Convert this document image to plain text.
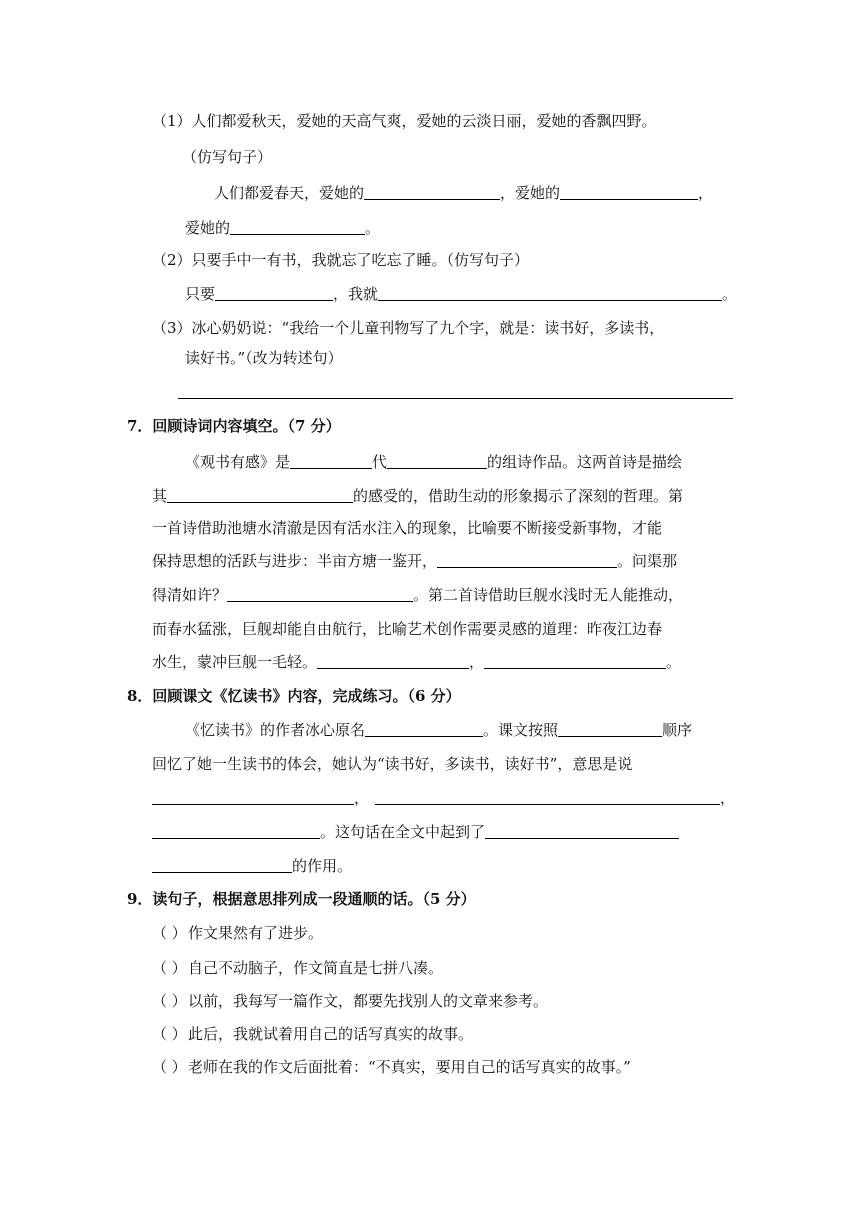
（1）人们都爱秋天，爱她的天高气爽，爱她的云淡日丽，爱她的香飘四野。
（仿写句子）
人们都爱春天，爱她的	，爱她的	，
爱她的	。
（2）只要手中一有书，我就忘了吃忘了睡。（仿写句子）
只要	，我就	。
（3）冰心奶奶说：“我给一个儿童刊物写了九个字，就是：读书好，多读书，
读好书。”（改为转述句）
7．回顾诗词内容填空。（7 分）
《观书有感》是	代	的组诗作品。这两首诗是描绘
其	的感受的，借助生动的形象揭示了深刻的哲理。第
一首诗借助池塘水清澈是因有活水注入的现象，比喻要不断接受新事物，才能
保持思想的活跃与进步：半亩方塘一鉴开，	。问渠那
得清如许？	。第二首诗借助巨舰水浅时无人能推动，
而春水猛涨，巨舰却能自由航行，比喻艺术创作需要灵感的道理：昨夜江边春
水生，蒙冲巨舰一毛轻。	，	。
8．回顾课文《忆读书》内容，完成练习。（6 分）
《忆读书》的作者冰心原名	。课文按照	顺序
回忆了她一生读书的体会，她认为“读书好，多读书，读好书”，意思是说
，	，
。这句话在全文中起到了
的作用。
9．读句子，根据意思排列成一段通顺的话。（5 分）
（ ）作文果然有了进步。
（ ）自己不动脑子，作文简直是七拼八凑。
（ ）以前，我每写一篇作文，都要先找别人的文章来参考。
（ ）此后，我就试着用自己的话写真实的故事。
（ ）老师在我的作文后面批着：“不真实，要用自己的话写真实的故事。”
